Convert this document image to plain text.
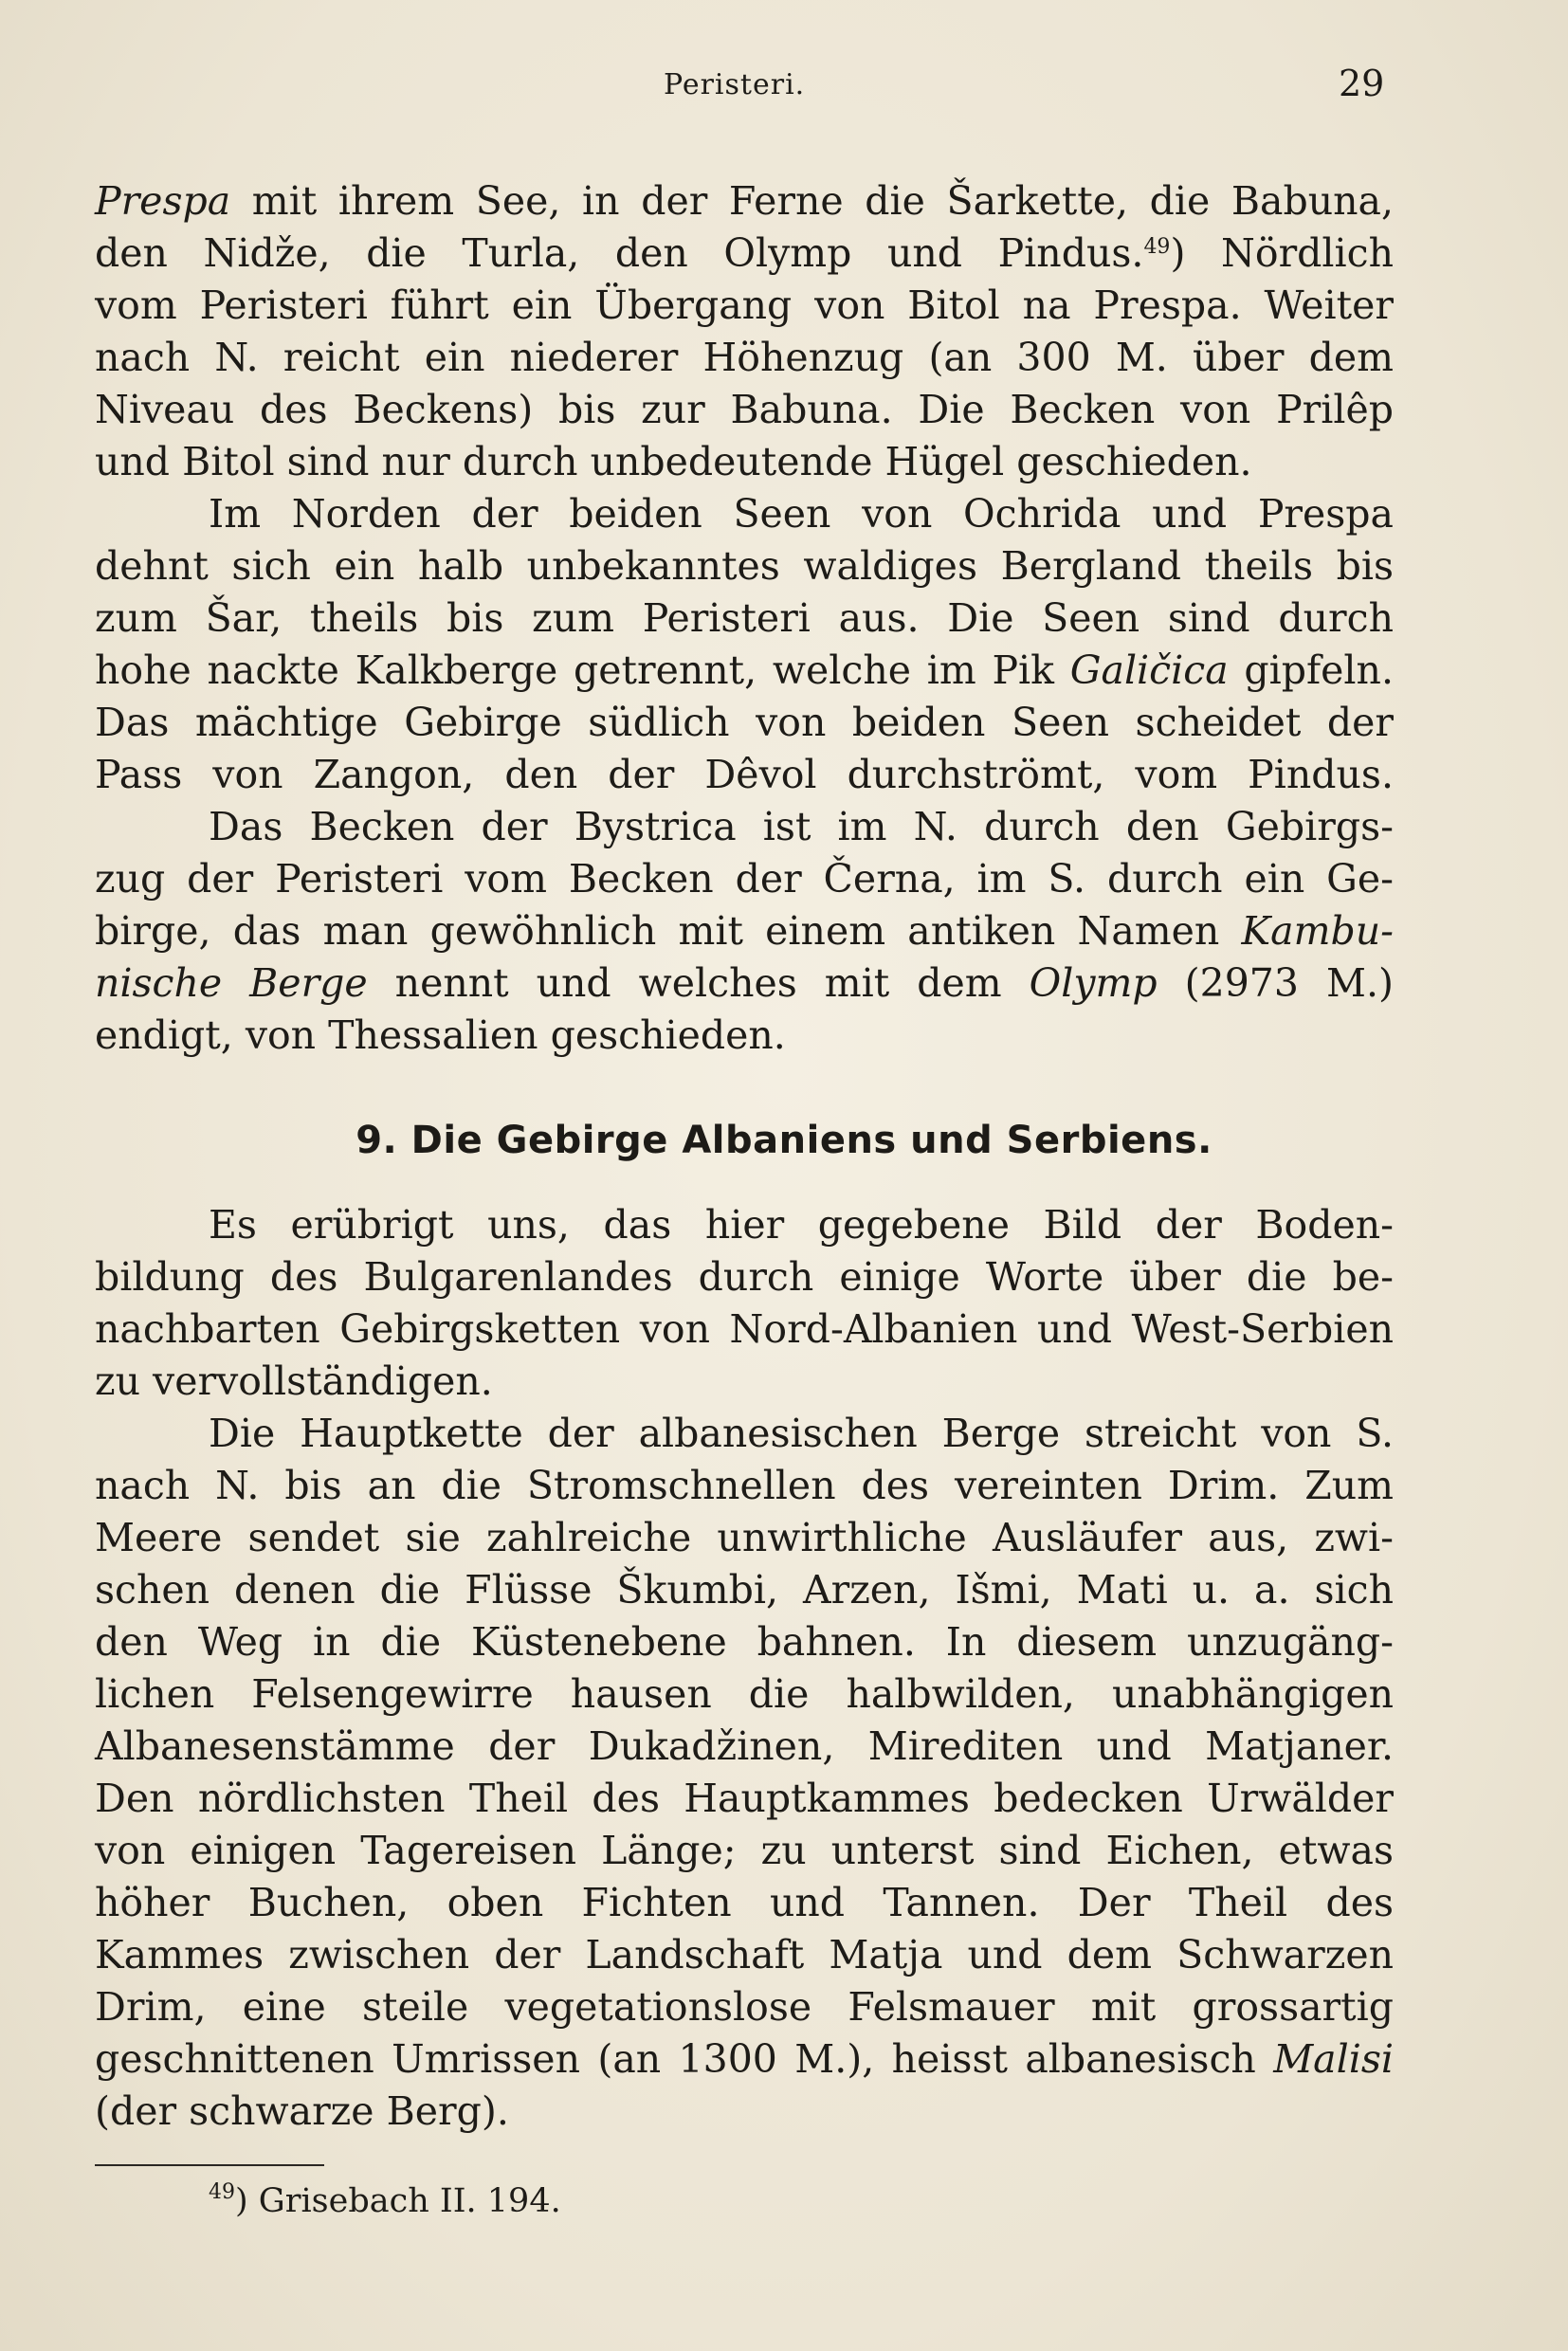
Peristeri.	29
Prespa mit ihrem See, in der Ferne die Šarkette, die Babuna,
den Nidže, die Turla, den Olymp und Pindus.$^{49}$) Nördlich
vom Peristeri führt ein Übergang von Bitol na Prespa. Weiter
nach N. reicht ein niederer Höhenzug (an 300 M. über dem
Niveau des Beckens) bis zur Babuna. Die Becken von Prilêp
und Bitol sind nur durch unbedeutende Hügel geschieden.
Im Norden der beiden Seen von Ochrida und Prespa
dehnt sich ein halb unbekanntes waldiges Bergland theils bis
zum Šar, theils bis zum Peristeri aus. Die Seen sind durch
hohe nackte Kalkberge getrennt, welche im Pik Galičica gipfeln.
Das mächtige Gebirge südlich von beiden Seen scheidet der
Pass von Zangon, den der Dêvol durchströmt, vom Pindus.
Das Becken der Bystrica ist im N. durch den Gebirgs-
zug der Peristeri vom Becken der Černa, im S. durch ein Ge-
birge, das man gewöhnlich mit einem antiken Namen Kambu-
nische Berge nennt und welches mit dem Olymp (2973 M.)
endigt, von Thessalien geschieden.
9. Die Gebirge Albaniens und Serbiens.
Es erübrigt uns, das hier gegebene Bild der Boden-
bildung des Bulgarenlandes durch einige Worte über die be-
nachbarten Gebirgsketten von Nord-Albanien und West-Serbien
zu vervollständigen.
Die Hauptkette der albanesischen Berge streicht von S.
nach N. bis an die Stromschnellen des vereinten Drim. Zum
Meere sendet sie zahlreiche unwirthliche Ausläufer aus, zwi-
schen denen die Flüsse Škumbi, Arzen, Išmi, Mati u. a. sich
den Weg in die Küstenebene bahnen. In diesem unzugäng-
lichen Felsengewirre hausen die halbwilden, unabhängigen
Albanesenstämme der Dukadžinen, Mirediten und Matjaner.
Den nördlichsten Theil des Hauptkammes bedecken Urwälder
von einigen Tagereisen Länge; zu unterst sind Eichen, etwas
höher Buchen, oben Fichten und Tannen. Der Theil des
Kammes zwischen der Landschaft Matja und dem Schwarzen
Drim, eine steile vegetationslose Felsmauer mit grossartig
geschnittenen Umrissen (an 1300 M.), heisst albanesisch Malisi
(der schwarze Berg).
$^{49}$) Grisebach II. 194.
